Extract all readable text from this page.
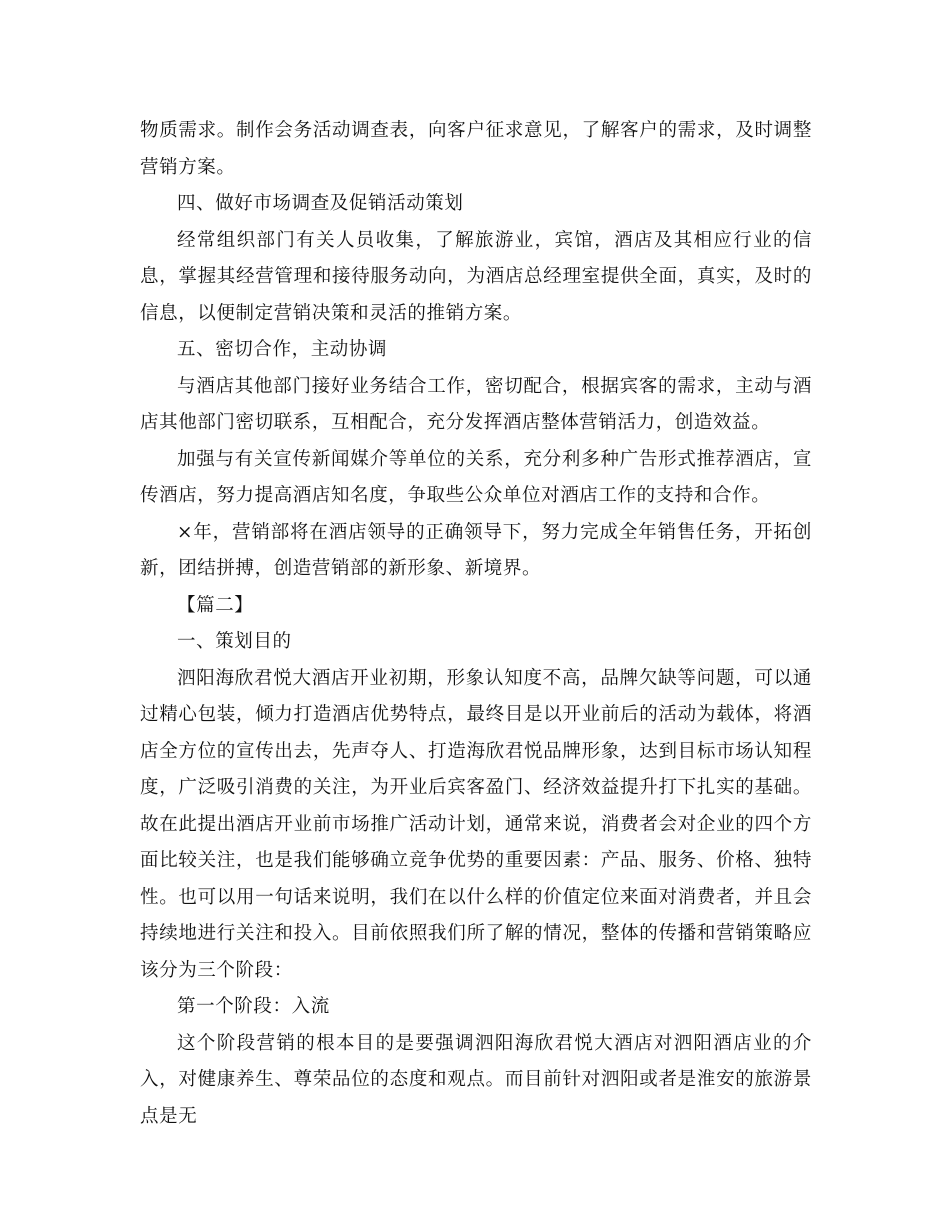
物质需求。制作会务活动调查表，向客户征求意见，了解客户的需求，及时调整营销方案。

四、做好市场调查及促销活动策划

经常组织部门有关人员收集，了解旅游业，宾馆，酒店及其相应行业的信息，掌握其经营管理和接待服务动向，为酒店总经理室提供全面，真实，及时的信息，以便制定营销决策和灵活的推销方案。

五、密切合作，主动协调

与酒店其他部门接好业务结合工作，密切配合，根据宾客的需求，主动与酒店其他部门密切联系，互相配合，充分发挥酒店整体营销活力，创造效益。

加强与有关宣传新闻媒介等单位的关系，充分利多种广告形式推荐酒店，宣传酒店，努力提高酒店知名度，争取些公众单位对酒店工作的支持和合作。

×年，营销部将在酒店领导的正确领导下，努力完成全年销售任务，开拓创新，团结拼搏，创造营销部的新形象、新境界。

【篇二】

一、策划目的

泗阳海欣君悦大酒店开业初期，形象认知度不高，品牌欠缺等问题，可以通过精心包装，倾力打造酒店优势特点，最终目是以开业前后的活动为载体，将酒店全方位的宣传出去，先声夺人、打造海欣君悦品牌形象，达到目标市场认知程度，广泛吸引消费的关注，为开业后宾客盈门、经济效益提升打下扎实的基础。故在此提出酒店开业前市场推广活动计划，通常来说，消费者会对企业的四个方面比较关注，也是我们能够确立竞争优势的重要因素：产品、服务、价格、独特性。也可以用一句话来说明，我们在以什么样的价值定位来面对消费者，并且会持续地进行关注和投入。目前依照我们所了解的情况，整体的传播和营销策略应该分为三个阶段：

第一个阶段：入流

这个阶段营销的根本目的是要强调泗阳海欣君悦大酒店对泗阳酒店业的介入，对健康养生、尊荣品位的态度和观点。而目前针对泗阳或者是淮安的旅游景点是无
